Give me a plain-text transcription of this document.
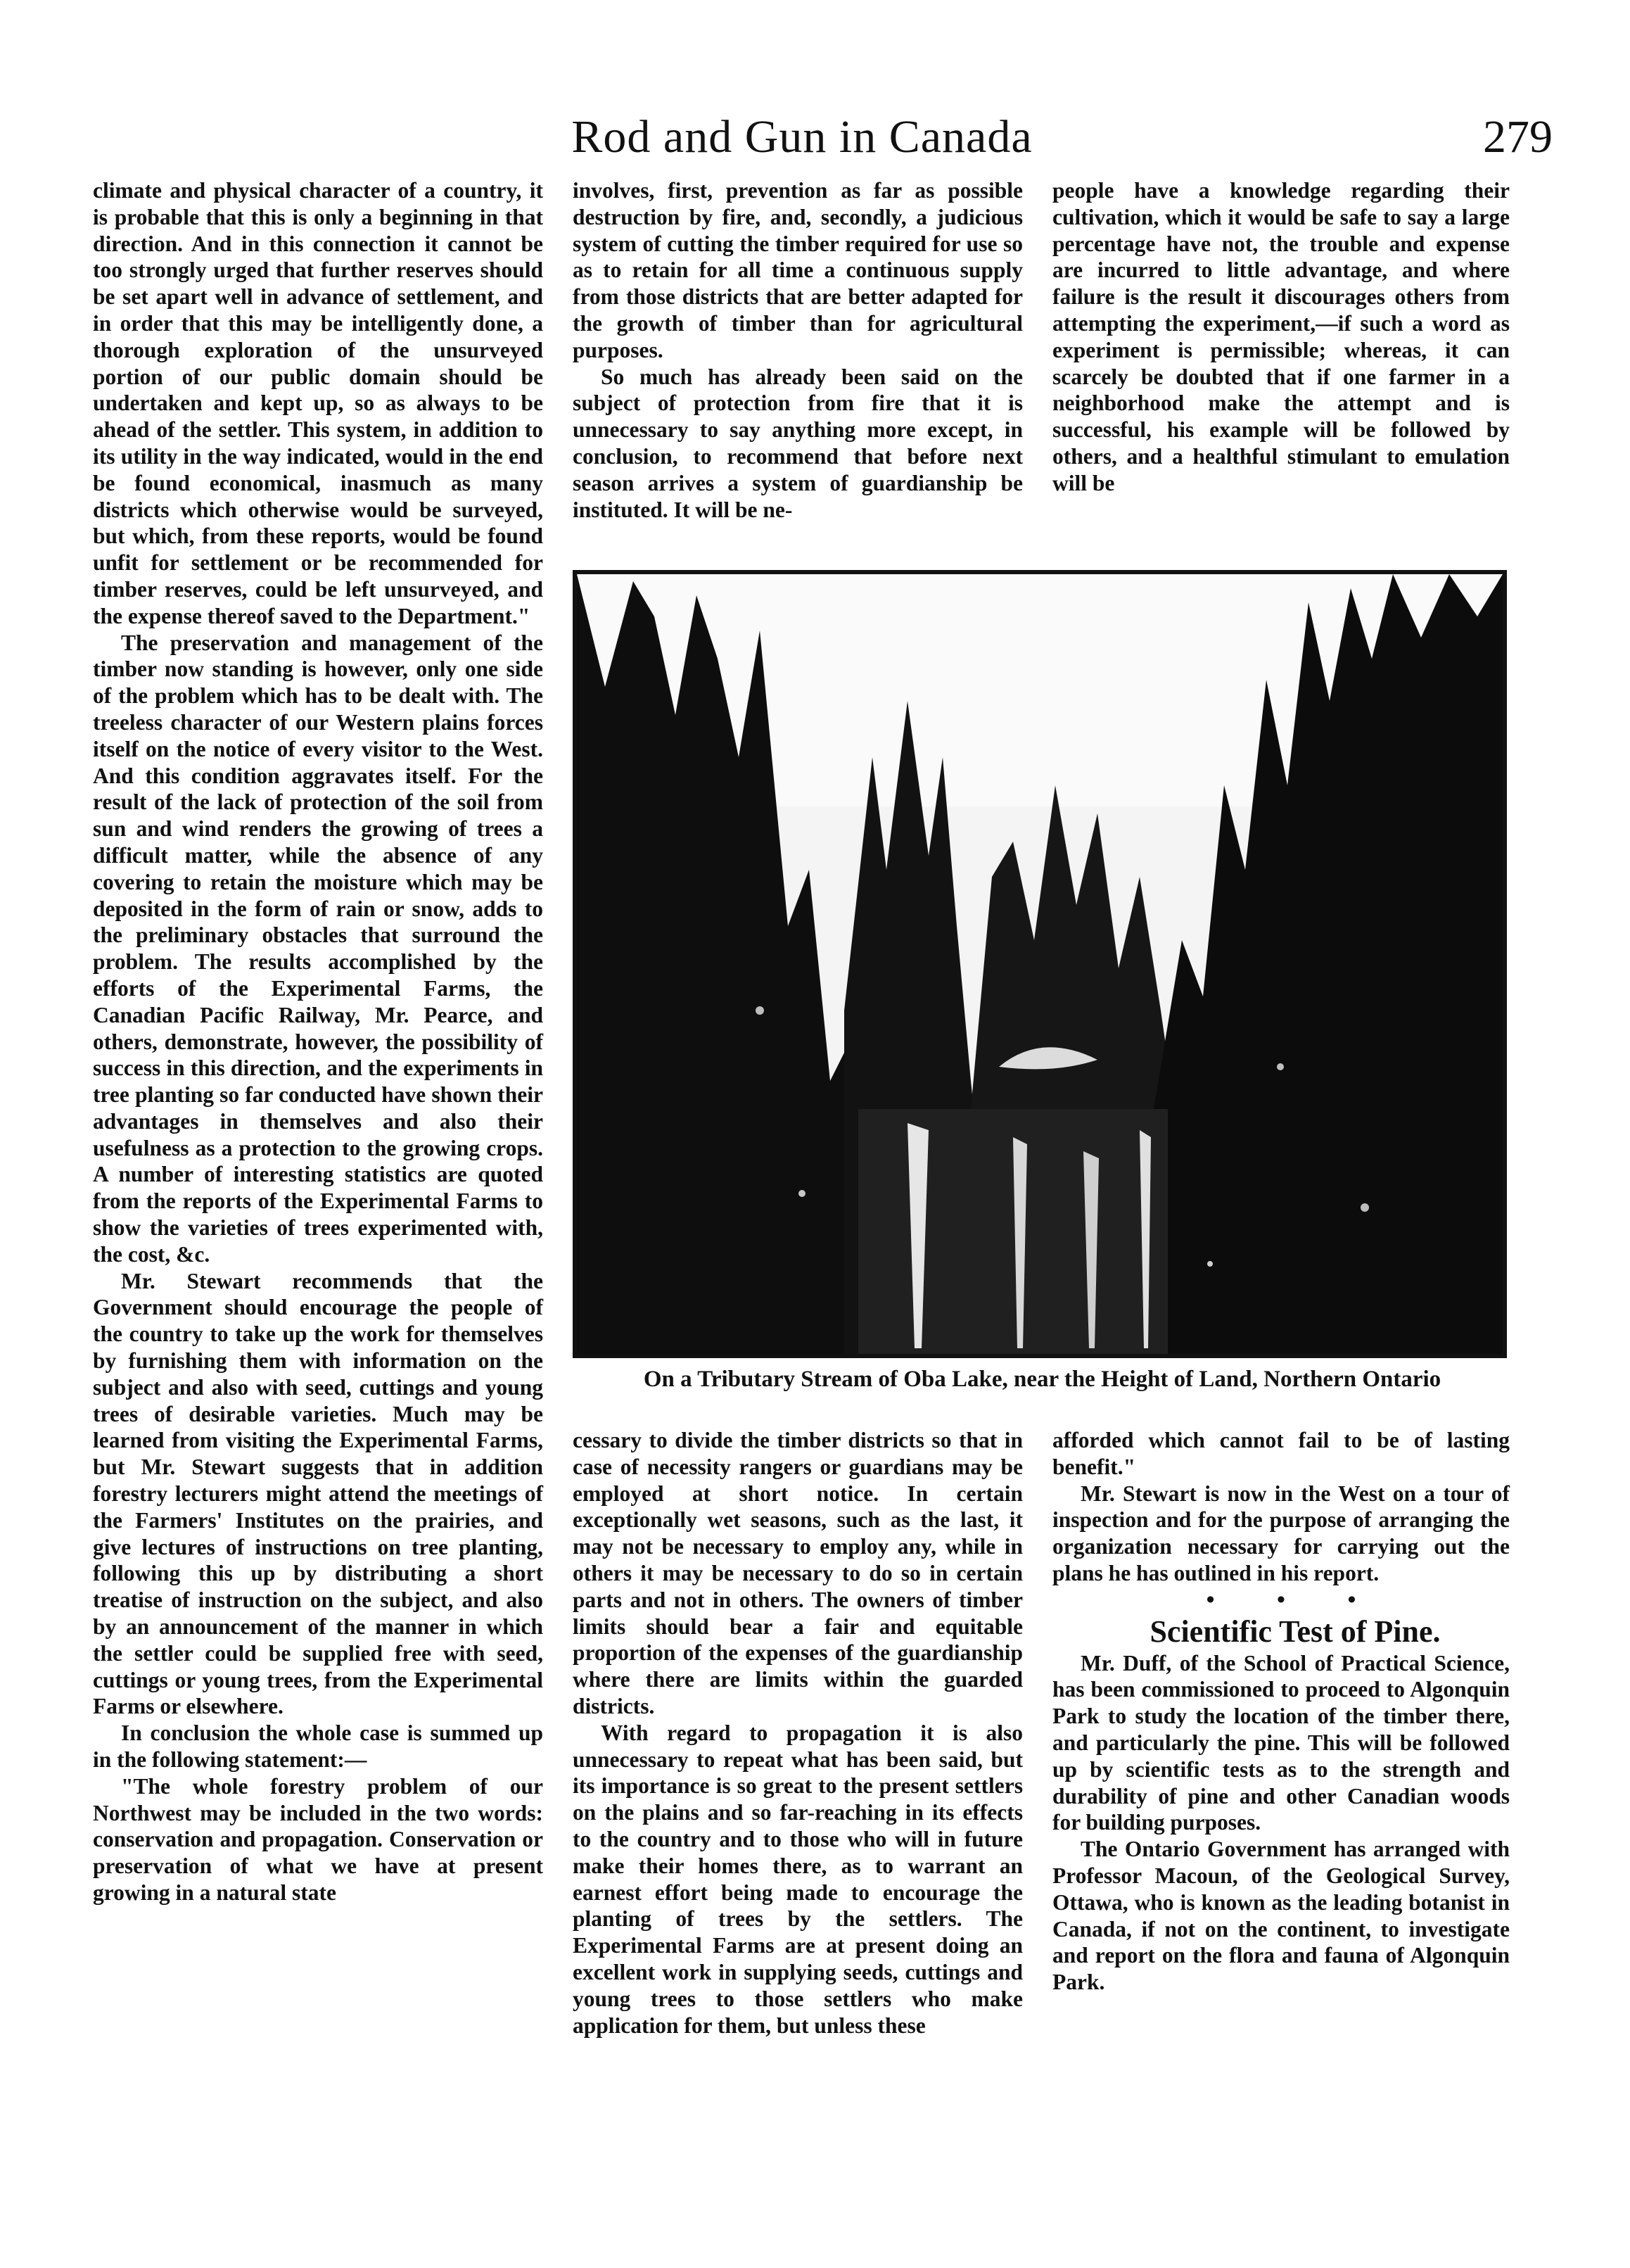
Rod and Gun in Canada	279

climate and physical character of a country, it is probable that this is only a beginning in that direction. And in this connection it cannot be too strongly urged that further reserves should be set apart well in advance of settlement, and in order that this may be intelligently done, a thorough exploration of the unsurveyed portion of our public domain should be undertaken and kept up, so as always to be ahead of the settler. This system, in addition to its utility in the way indicated, would in the end be found economical, inasmuch as many districts which otherwise would be surveyed, but which, from these reports, would be found unfit for settlement or be recommended for timber reserves, could be left unsurveyed, and the expense thereof saved to the Department."

The preservation and management of the timber now standing is however, only one side of the problem which has to be dealt with. The treeless character of our Western plains forces itself on the notice of every visitor to the West. And this condition aggravates itself. For the result of the lack of protection of the soil from sun and wind renders the growing of trees a difficult matter, while the absence of any covering to retain the moisture which may be deposited in the form of rain or snow, adds to the preliminary obstacles that surround the problem. The results accomplished by the efforts of the Experimental Farms, the Canadian Pacific Railway, Mr. Pearce, and others, demonstrate, however, the possibility of success in this direction, and the experiments in tree planting so far conducted have shown their advantages in themselves and also their usefulness as a protection to the growing crops. A number of interesting statistics are quoted from the reports of the Experimental Farms to show the varieties of trees experimented with, the cost, &c.

Mr. Stewart recommends that the Government should encourage the people of the country to take up the work for themselves by furnishing them with information on the subject and also with seed, cuttings and young trees of desirable varieties. Much may be learned from visiting the Experimental Farms, but Mr. Stewart suggests that in addition forestry lecturers might attend the meetings of the Farmers' Institutes on the prairies, and give lectures of instructions on tree planting, following this up by distributing a short treatise of instruction on the subject, and also by an announcement of the manner in which the settler could be supplied free with seed, cuttings or young trees, from the Experimental Farms or elsewhere.

In conclusion the whole case is summed up in the following statement:—

"The whole forestry problem of our Northwest may be included in the two words: conservation and propagation. Conservation or preservation of what we have at present growing in a natural state

involves, first, prevention as far as possible destruction by fire, and, secondly, a judicious system of cutting the timber required for use so as to retain for all time a continuous supply from those districts that are better adapted for the growth of timber than for agricultural purposes.

So much has already been said on the subject of protection from fire that it is unnecessary to say anything more except, in conclusion, to recommend that before next season arrives a system of guardianship be instituted. It will be ne-

people have a knowledge regarding their cultivation, which it would be safe to say a large percentage have not, the trouble and expense are incurred to little advantage, and where failure is the result it discourages others from attempting the experiment,—if such a word as experiment is permissible; whereas, it can scarcely be doubted that if one farmer in a neighborhood make the attempt and is successful, his example will be followed by others, and a healthful stimulant to emulation will be

On a Tributary Stream of Oba Lake, near the Height of Land, Northern Ontario

cessary to divide the timber districts so that in case of necessity rangers or guardians may be employed at short notice. In certain exceptionally wet seasons, such as the last, it may not be necessary to employ any, while in others it may be necessary to do so in certain parts and not in others. The owners of timber limits should bear a fair and equitable proportion of the expenses of the guardianship where there are limits within the guarded districts.

With regard to propagation it is also unnecessary to repeat what has been said, but its importance is so great to the present settlers on the plains and so far-reaching in its effects to the country and to those who will in future make their homes there, as to warrant an earnest effort being made to encourage the planting of trees by the settlers. The Experimental Farms are at present doing an excellent work in supplying seeds, cuttings and young trees to those settlers who make application for them, but unless these

afforded which cannot fail to be of lasting benefit."

Mr. Stewart is now in the West on a tour of inspection and for the purpose of arranging the organization necessary for carrying out the plans he has outlined in his report.

• • •

Scientific Test of Pine.

Mr. Duff, of the School of Practical Science, has been commissioned to proceed to Algonquin Park to study the location of the timber there, and particularly the pine. This will be followed up by scientific tests as to the strength and durability of pine and other Canadian woods for building purposes.

The Ontario Government has arranged with Professor Macoun, of the Geological Survey, Ottawa, who is known as the leading botanist in Canada, if not on the continent, to investigate and report on the flora and fauna of Algonquin Park.
